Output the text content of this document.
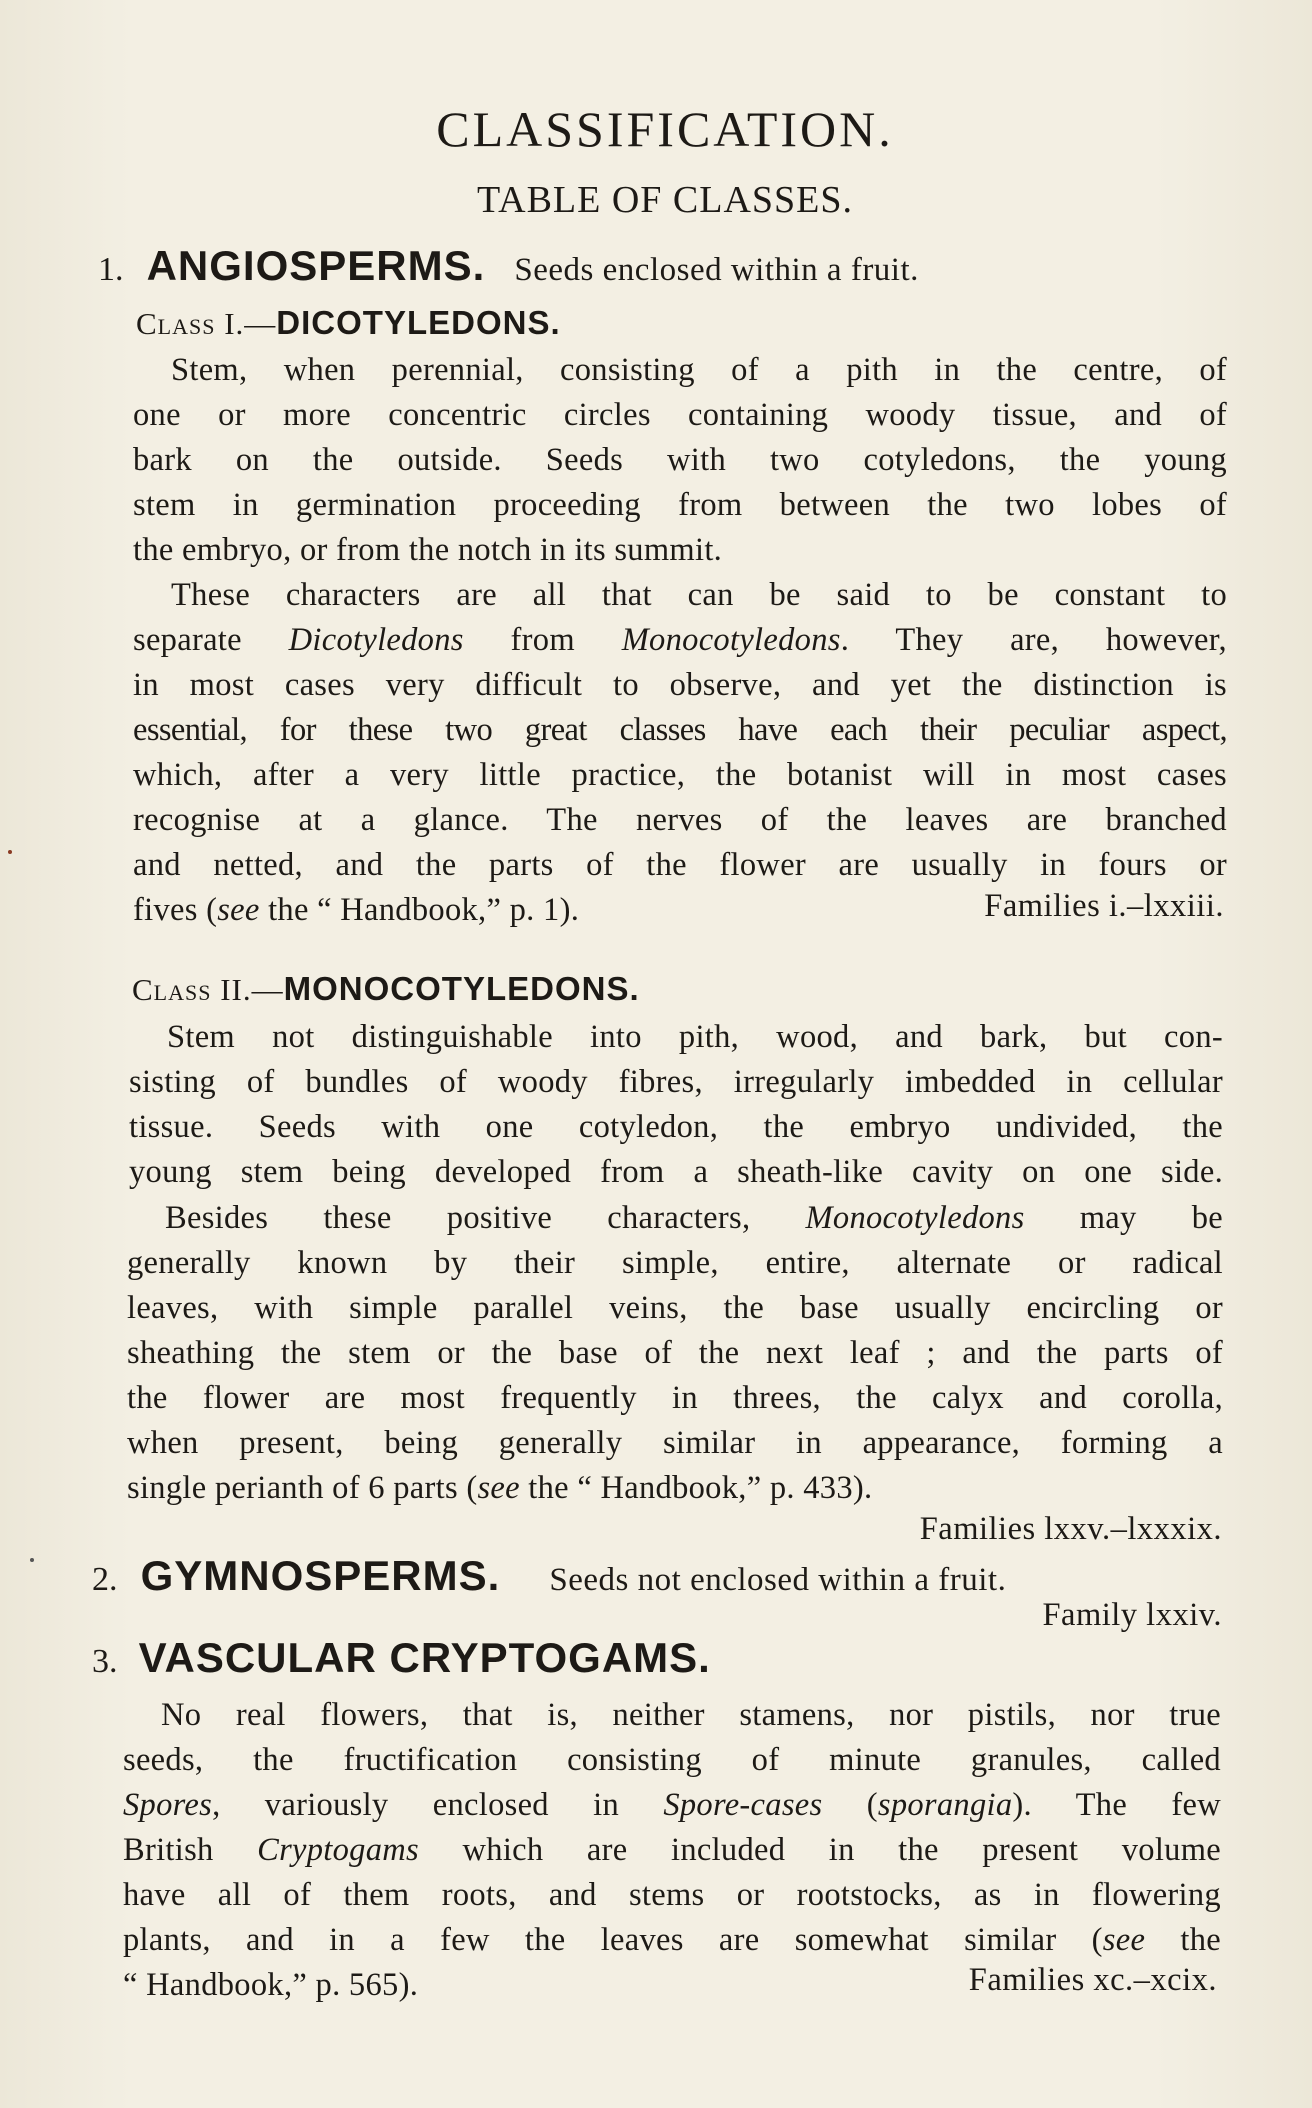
CLASSIFICATION.
TABLE OF CLASSES.
1. ANGIOSPERMS. Seeds enclosed within a fruit.
Class I.—DICOTYLEDONS.
Stem, when perennial, consisting of a pith in the centre, of
one or more concentric circles containing woody tissue, and of
bark on the outside. Seeds with two cotyledons, the young
stem in germination proceeding from between the two lobes of
the embryo, or from the notch in its summit.
These characters are all that can be said to be constant to
separate Dicotyledons from Monocotyledons. They are, however,
in most cases very difficult to observe, and yet the distinction is
essential, for these two great classes have each their peculiar aspect,
which, after a very little practice, the botanist will in most cases
recognise at a glance. The nerves of the leaves are branched
and netted, and the parts of the flower are usually in fours or
fives (see the “ Handbook,” p. 1).	Families i.–lxxiii.
Class II.—MONOCOTYLEDONS.
Stem not distinguishable into pith, wood, and bark, but con-
sisting of bundles of woody fibres, irregularly imbedded in cellular
tissue. Seeds with one cotyledon, the embryo undivided, the
young stem being developed from a sheath-like cavity on one side.
Besides these positive characters, Monocotyledons may be
generally known by their simple, entire, alternate or radical
leaves, with simple parallel veins, the base usually encircling or
sheathing the stem or the base of the next leaf ; and the parts of
the flower are most frequently in threes, the calyx and corolla,
when present, being generally similar in appearance, forming a
single perianth of 6 parts (see the “ Handbook,” p. 433).
Families lxxv.–lxxxix.
2. GYMNOSPERMS. Seeds not enclosed within a fruit.
Family lxxiv.
3. VASCULAR CRYPTOGAMS.
No real flowers, that is, neither stamens, nor pistils, nor true
seeds, the fructification consisting of minute granules, called
Spores, variously enclosed in Spore-cases (sporangia). The few
British Cryptogams which are included in the present volume
have all of them roots, and stems or rootstocks, as in flowering
plants, and in a few the leaves are somewhat similar (see the
“ Handbook,” p. 565).	Families xc.–xcix.
